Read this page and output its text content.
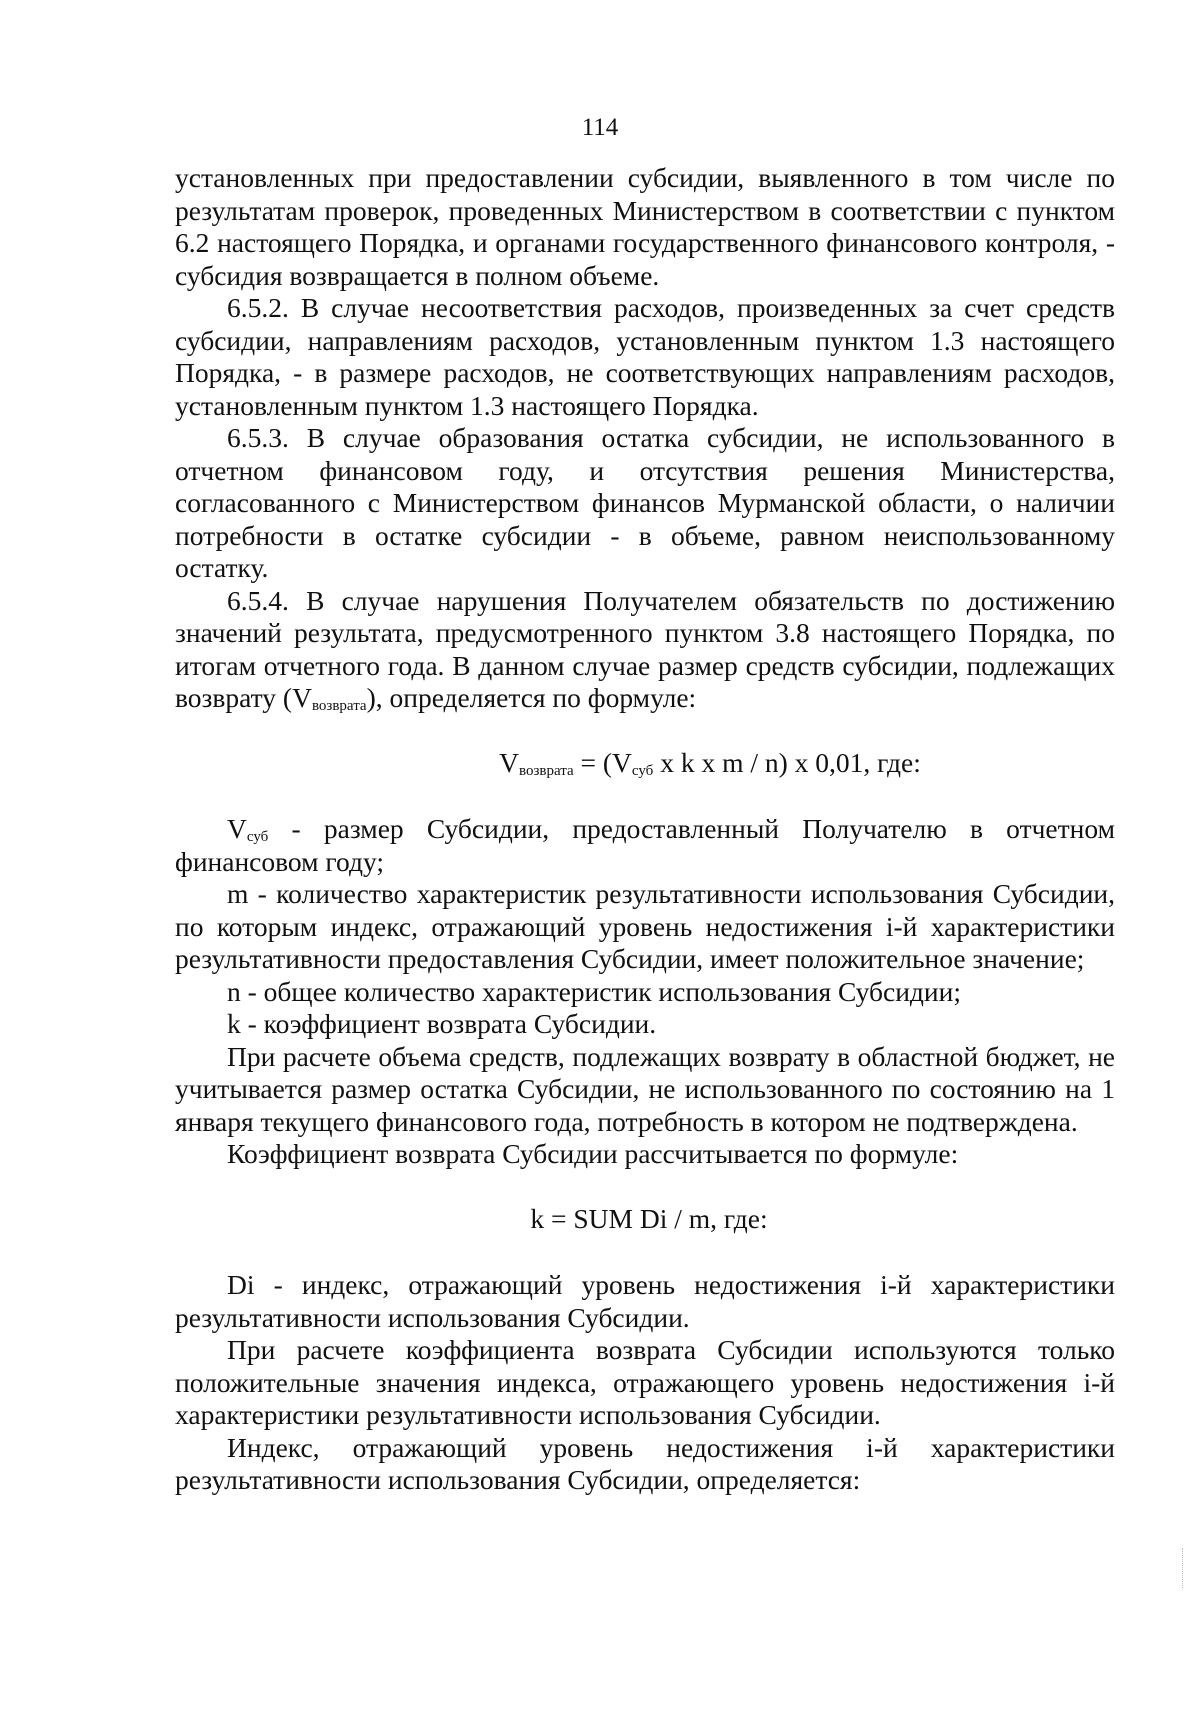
114

установленных при предоставлении субсидии, выявленного в том числе по результатам проверок, проведенных Министерством в соответствии с пунктом 6.2 настоящего Порядка, и органами государственного финансового контроля, - субсидия возвращается в полном объеме.

6.5.2. В случае несоответствия расходов, произведенных за счет средств субсидии, направлениям расходов, установленным пунктом 1.3 настоящего Порядка, - в размере расходов, не соответствующих направлениям расходов, установленным пунктом 1.3 настоящего Порядка.

6.5.3. В случае образования остатка субсидии, не использованного в отчетном финансовом году, и отсутствия решения Министерства, согласованного с Министерством финансов Мурманской области, о наличии потребности в остатке субсидии - в объеме, равном неиспользованному остатку.

6.5.4. В случае нарушения Получателем обязательств по достижению значений результата, предусмотренного пунктом 3.8 настоящего Порядка, по итогам отчетного года. В данном случае размер средств субсидии, подлежащих возврату $(V_{возврата})$, определяется по формуле:

$V_{возврата} = (V_{суб}$ x k x m / n) x 0,01, где:

$V_{суб}$ - размер Субсидии, предоставленный Получателю в отчетном финансовом году;

m - количество характеристик результативности использования Субсидии, по которым индекс, отражающий уровень недостижения i-й характеристики результативности предоставления Субсидии, имеет положительное значение;

n - общее количество характеристик использования Субсидии;

k - коэффициент возврата Субсидии.

При расчете объема средств, подлежащих возврату в областной бюджет, не учитывается размер остатка Субсидии, не использованного по состоянию на 1 января текущего финансового года, потребность в котором не подтверждена.

Коэффициент возврата Субсидии рассчитывается по формуле:

k = SUM Di / m, где:

Di - индекс, отражающий уровень недостижения i-й характеристики результативности использования Субсидии.

При расчете коэффициента возврата Субсидии используются только положительные значения индекса, отражающего уровень недостижения i-й характеристики результативности использования Субсидии.

Индекс, отражающий уровень недостижения i-й характеристики результативности использования Субсидии, определяется:
